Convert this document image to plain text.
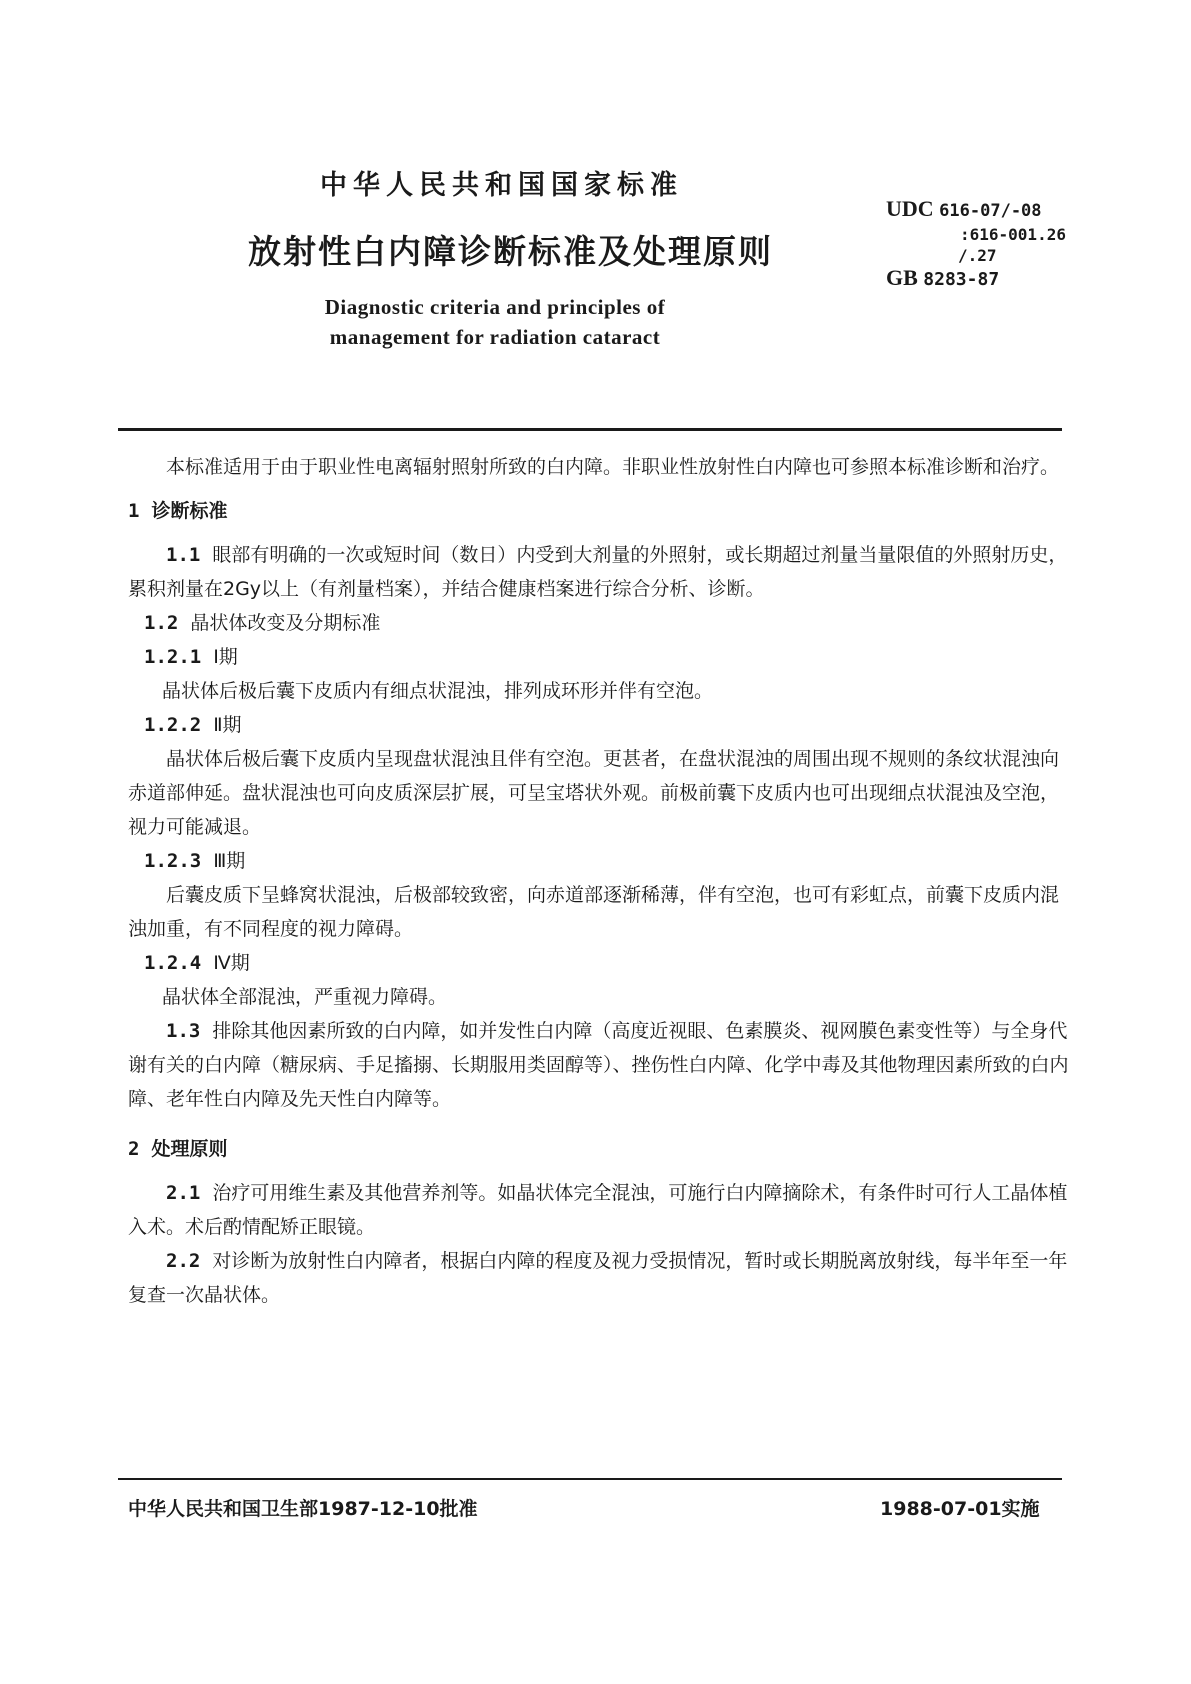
中华人民共和国国家标准
放射性白内障诊断标准及处理原则
Diagnostic criteria and principles of
management for radiation cataract
UDC 616-07/-08
:616-001.26
/.27
GB 8283-87

本标准适用于由于职业性电离辐射照射所致的白内障。非职业性放射性白内障也可参照本标准诊断和治疗。

1 诊断标准

1.1 眼部有明确的一次或短时间（数日）内受到大剂量的外照射，或长期超过剂量当量限值的外照射历史，累积剂量在2Gy以上（有剂量档案），并结合健康档案进行综合分析、诊断。

1.2 晶状体改变及分期标准

1.2.1 Ⅰ期

晶状体后极后囊下皮质内有细点状混浊，排列成环形并伴有空泡。

1.2.2 Ⅱ期

晶状体后极后囊下皮质内呈现盘状混浊且伴有空泡。更甚者，在盘状混浊的周围出现不规则的条纹状混浊向赤道部伸延。盘状混浊也可向皮质深层扩展，可呈宝塔状外观。前极前囊下皮质内也可出现细点状混浊及空泡，视力可能减退。

1.2.3 Ⅲ期

后囊皮质下呈蜂窝状混浊，后极部较致密，向赤道部逐渐稀薄，伴有空泡，也可有彩虹点，前囊下皮质内混浊加重，有不同程度的视力障碍。

1.2.4 Ⅳ期

晶状体全部混浊，严重视力障碍。

1.3 排除其他因素所致的白内障，如并发性白内障（高度近视眼、色素膜炎、视网膜色素变性等）与全身代谢有关的白内障（糖尿病、手足搐搦、长期服用类固醇等）、挫伤性白内障、化学中毒及其他物理因素所致的白内障、老年性白内障及先天性白内障等。

2 处理原则

2.1 治疗可用维生素及其他营养剂等。如晶状体完全混浊，可施行白内障摘除术，有条件时可行人工晶体植入术。术后酌情配矫正眼镜。

2.2 对诊断为放射性白内障者，根据白内障的程度及视力受损情况，暂时或长期脱离放射线，每半年至一年复查一次晶状体。

中华人民共和国卫生部1987-12-10批准	1988-07-01实施
